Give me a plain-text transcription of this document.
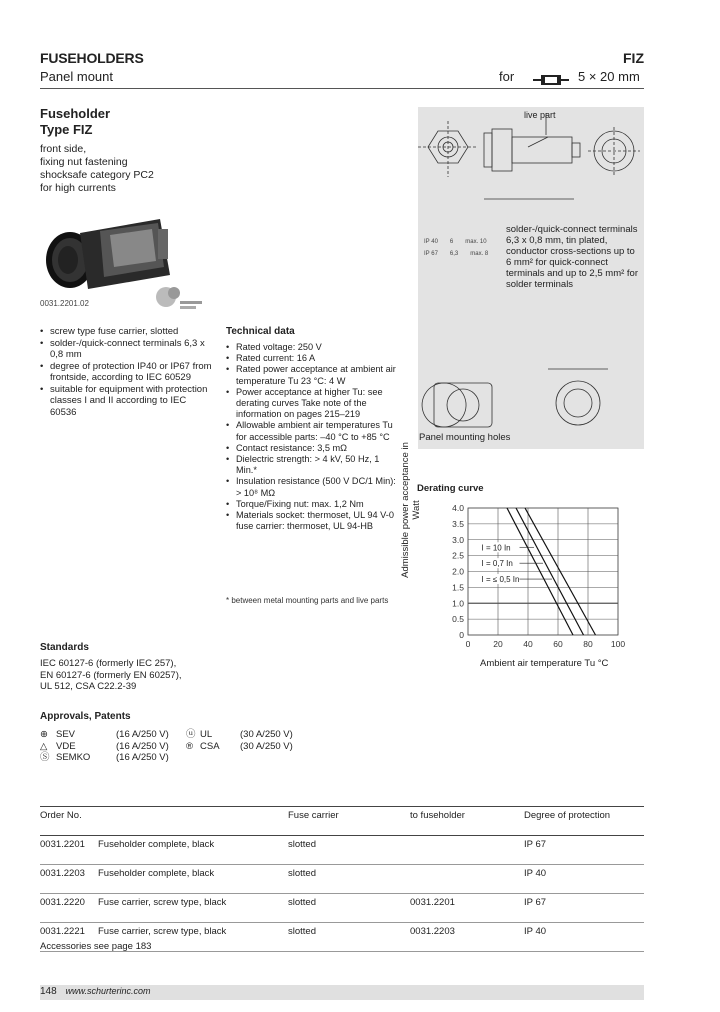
FUSEHOLDERS
Panel mount
FIZ
for	5 × 20 mm
Fuseholder
Type FIZ
front side,
fixing nut fastening
shocksafe category PC2
for high currents
0031.2201.02
• screw type fuse carrier, slotted
• solder-/quick-connect terminals 6,3 x 0,8 mm
• degree of protection IP40 or IP67 from frontside, according to IEC 60529
• suitable for equipment with protection classes I and II according to IEC 60536
Technical data
• Rated voltage: 250 V
• Rated current: 16 A
• Rated power acceptance at ambient air temperature Tu 23 °C: 4 W
• Power acceptance at higher Tu: see derating curves Take note of the information on pages 215–219
• Allowable ambient air temperatures Tu for accessible parts: –40 °C to +85 °C
• Contact resistance: 3,5 mΩ
• Dielectric strength: > 4 kV, 50 Hz, 1 Min.*
• Insulation resistance (500 V DC/1 Min): > 10⁸ MΩ
• Torque/Fixing nut: max. 1,2 Nm
• Materials socket: thermoset, UL 94 V-0 fuse carrier: thermoset, UL 94-HB
* between metal mounting parts and live parts
Standards
IEC 60127-6 (formerly IEC 257),
EN 60127-6 (formerly EN 60257),
UL 512, CSA C22.2-39
Approvals, Patents
⊕ SEV	(16 A/250 V)	ⓤ UL	(30 A/250 V)
△ VDE	(16 A/250 V)	® CSA	(30 A/250 V)
Ⓢ SEMKO	(16 A/250 V)
live part
IP 40 6 max. 10
IP 67 6,3 max. 8
solder-/quick-connect terminals
6,3 x 0,8 mm, tin plated,
conductor cross-sections up to
6 mm² for quick-connect
terminals and up to 2,5 mm² for
solder terminals
Panel mounting holes
Derating curve
Admissible power acceptance in Watt
0
0.5
1.0
1.5
2.0
2.5
3.0
3.5
4.0
0	20 40 60 80 100
I = 10 In
I = 0,7 In
I = ≤ 0,5 In
Ambient air temperature Tu °C
Order No.		Fuse carrier	to fuseholder	Degree of protection
0031.2201	Fuseholder complete, black	slotted		IP 67
0031.2203	Fuseholder complete, black	slotted		IP 40
0031.2220	Fuse carrier, screw type, black	slotted	0031.2201	IP 67
0031.2221	Fuse carrier, screw type, black	slotted	0031.2203	IP 40
Accessories see page 183
148 www.schurterinc.com
